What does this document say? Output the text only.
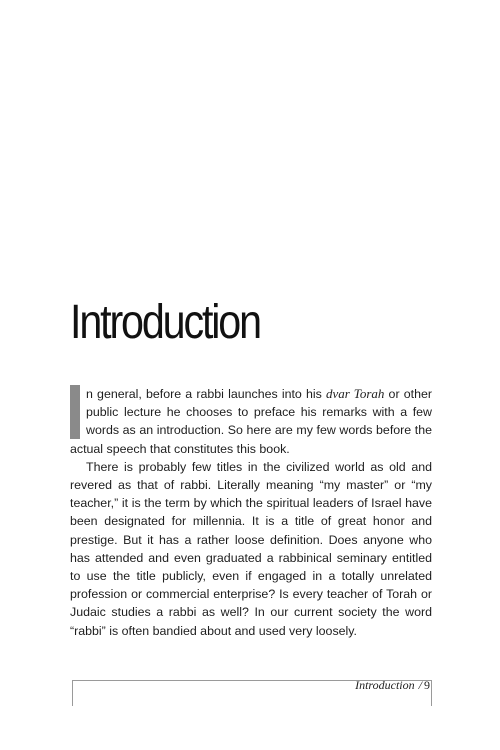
Introduction

n general, before a rabbi launches into his dvar Torah or other public lecture he chooses to preface his remarks with a few words as an introduction. So here are my few words before the actual speech that constitutes this book.

There is probably few titles in the civilized world as old and revered as that of rabbi. Literally meaning “my master” or “my teacher,” it is the term by which the spiritual leaders of Israel have been designated for millennia. It is a title of great honor and prestige. But it has a rather loose definition. Does anyone who has attended and even graduated a rabbinical seminary entitled to use the title publicly, even if engaged in a totally unrelated profession or commercial enterprise? Is every teacher of Torah or Judaic studies a rabbi as well? In our current society the word “rabbi” is often bandied about and used very loosely.

Introduction / 9
